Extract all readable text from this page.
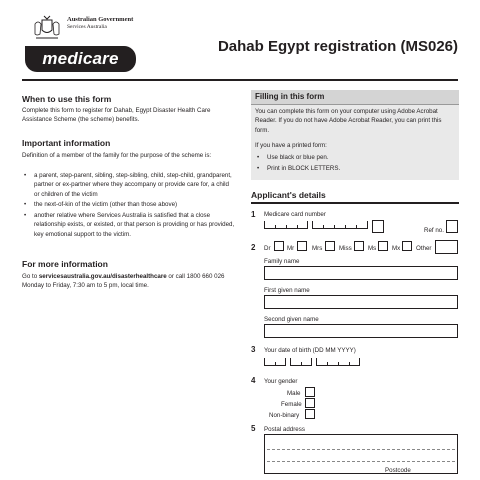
Australian Government
Services Australia
medicare
Dahab Egypt registration (MS026)
When to use this form
Complete this form to register for Dahab, Egypt Disaster Health Care Assistance Scheme (the scheme) benefits.
Important information
Definition of a member of the family for the purpose of the scheme is:
• a parent, step-parent, sibling, step-sibling, child, step-child, grandparent, partner or ex-partner where they accompany or provide care for, a child or children of the victim
• the next-of-kin of the victim (other than those above)
• another relative where Services Australia is satisfied that a close relationship exists, or existed, or that person is providing or has provided, key emotional support to the victim.
For more information
Go to servicesaustralia.gov.au/disasterhealthcare or call 1800 660 026 Monday to Friday, 7:30 am to 5 pm, local time.
Filling in this form
You can complete this form on your computer using Adobe Acrobat Reader. If you do not have Adobe Acrobat Reader, you can print this form.
If you have a printed form:
• Use black or blue pen.
• Print in BLOCK LETTERS.
Applicant's details
1 Medicare card number
Ref no.
2 Dr	Mr	Mrs	Miss	Ms	Mx	Other
Family name
First given name
Second given name
3 Your date of birth (DD MM YYYY)
4 Your gender
Male
Female
Non-binary
5 Postal address
Postcode
